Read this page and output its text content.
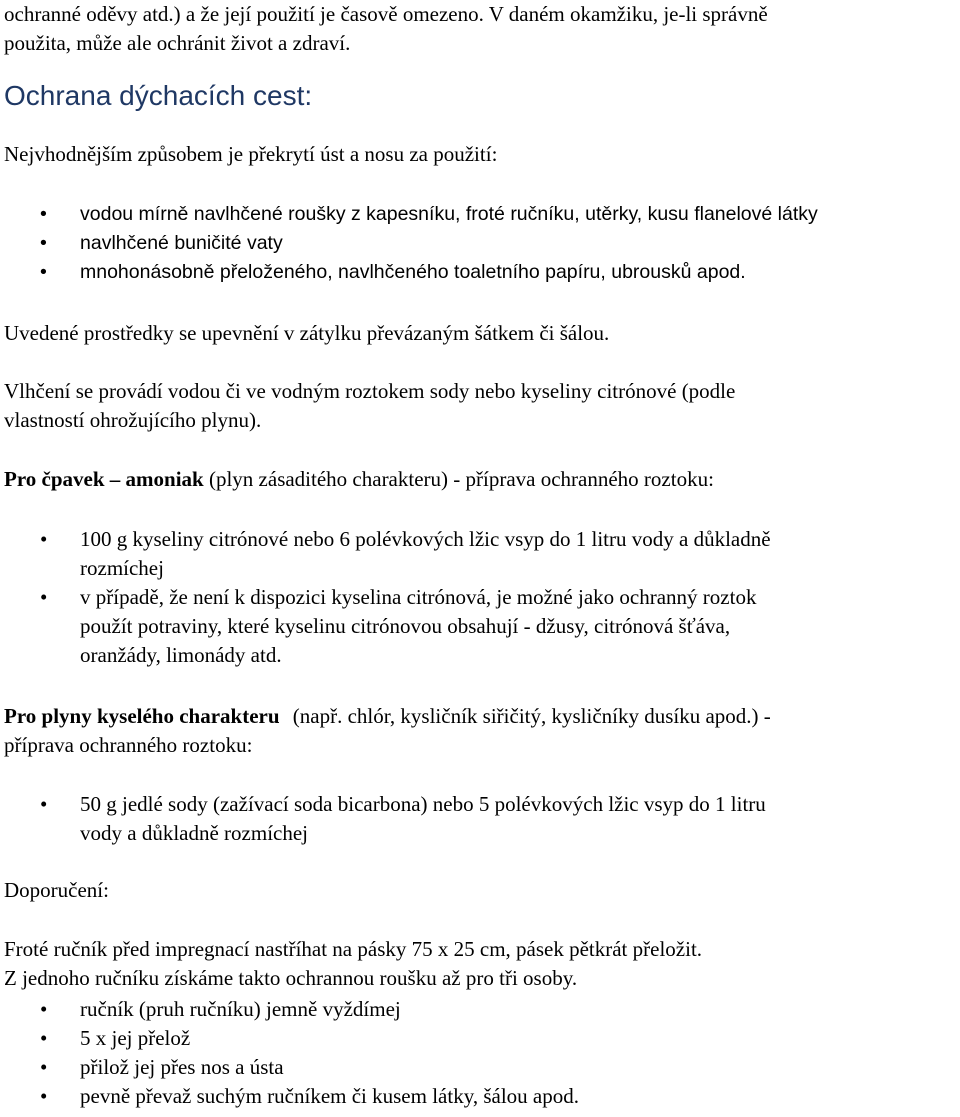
ochranné oděvy atd.) a že její použití je časově omezeno. V daném okamžiku, je-li správně
použita, může ale ochránit život a zdraví.
Ochrana dýchacích cest:

Nejvhodnějším způsobem je překrytí úst a nosu za použití:

• vodou mírně navlhčené roušky z kapesníku, froté ručníku, utěrky, kusu flanelové látky
• navlhčené buničité vaty
• mnohonásobně přeloženého, navlhčeného toaletního papíru, ubrousků apod.

Uvedené prostředky se upevnění v zátylku převázaným šátkem či šálou.

Vlhčení se provádí vodou či ve vodným roztokem sody nebo kyseliny citrónové (podle
vlastností ohrožujícího plynu).

Pro čpavek – amoniak (plyn zásaditého charakteru) - příprava ochranného roztoku:

• 100 g kyseliny citrónové nebo 6 polévkových lžic vsyp do 1 litru vody a důkladně
rozmíchej
• v případě, že není k dispozici kyselina citrónová, je možné jako ochranný roztok
použít potraviny, které kyselinu citrónovou obsahují - džusy, citrónová šťáva,
oranžády, limonády atd.
Pro plyny kyselého charakteru (např. chlór, kysličník siřičitý, kysličníky dusíku apod.) -
příprava ochranného roztoku:
• 50 g jedlé sody (zažívací soda bicarbona) nebo 5 polévkových lžic vsyp do 1 litru
vody a důkladně rozmíchej

Doporučení:

Froté ručník před impregnací nastříhat na pásky 75 x 25 cm, pásek pětkrát přeložit.
Z jednoho ručníku získáme takto ochrannou roušku až pro tři osoby.
• ručník (pruh ručníku) jemně vyždímej
• 5 x jej přelož
• přilož jej přes nos a ústa
• pevně převaž suchým ručníkem či kusem látky, šálou apod.
